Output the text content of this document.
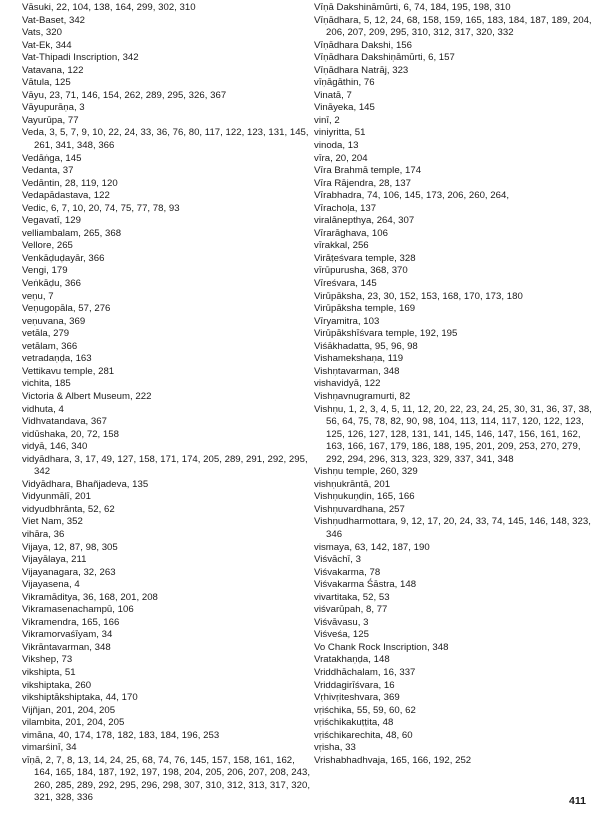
Vāsuki, 22, 104, 138, 164, 299, 302, 310
Vat-Baset, 342
Vats, 320
Vat-Ek, 344
Vat-Thipadi Inscription, 342
Vatavana, 122
Vātula, 125
Vāyu, 23, 71, 146, 154, 262, 289, 295, 326, 367
Vāyupurāṇa, 3
Vayurūpa, 77
Veda, 3, 5, 7, 9, 10, 22, 24, 33, 36, 76, 80, 117, 122, 123, 131, 145, 261, 341, 348, 366
Vedāṅga, 145
Vedanta, 37
Vedāntin, 28, 119, 120
Vedapādastava, 122
Vedic, 6, 7, 10, 20, 74, 75, 77, 78, 93
Vegavatī, 129
velliambalam, 265, 368
Vellore, 265
Venkāḍuḍayār, 366
Vengi, 179
Veṅkāḍu, 366
veṇu, 7
Veṇugopāla, 57, 276
veṇuvana, 369
vetāla, 279
vetālam, 366
vetradaṇḍa, 163
Vettikavu temple, 281
vichita, 185
Victoria & Albert Museum, 222
vidhuta, 4
Vidhvatandava, 367
vidūshaka, 20, 72, 158
vidyā, 146, 340
vidyādhara, 3, 17, 49, 127, 158, 171, 174, 205, 289, 291, 292, 295, 342
Vidyādhara, Bhañjadeva, 135
Vidyunmālī, 201
vidyudbhrānta, 52, 62
Viet Nam, 352
vihāra, 36
Vijaya, 12, 87, 98, 305
Vijayālaya, 211
Vijayanagara, 32, 263
Vijayasena, 4
Vikramāditya, 36, 168, 201, 208
Vikramasenachampū, 106
Vikramendra, 165, 166
Vikramorvaśīyam, 34
Vikrāntavarman, 348
Vikshep, 73
vikshipta, 51
vikshiptaka, 260
vikshiptākshiptaka, 44, 170
Vijñjan, 201, 204, 205
vilambita, 201, 204, 205
vimāna, 40, 174, 178, 182, 183, 184, 196, 253
vimarśinī, 34
vīṇā, 2, 7, 8, 13, 14, 24, 25, 68, 74, 76, 145, 157, 158, 161, 162, 164, 165, 184, 187, 192, 197, 198, 204, 205, 206, 207, 208, 243, 260, 285, 289, 292, 295, 296, 298, 307, 310, 312, 313, 317, 320, 321, 328, 336
Vīṇā Dakshināmūrti, 6, 74, 184, 195, 198, 310
Vīṇādhara, 5, 12, 24, 68, 158, 159, 165, 183, 184, 187, 189, 204, 206, 207, 209, 295, 310, 312, 317, 320, 332
Vīṇādhara Dakshi, 156
Vīṇādhara Dakshiṇāmūrti, 6, 157
Vīṇādhara Natrāj, 323
vīṇāgāthin, 76
Vinatā, 7
Vināyeka, 145
vinī, 2
viniyritta, 51
vinoda, 13
vīra, 20, 204
Vīra Brahmā temple, 174
Vīra Rājendra, 28, 137
Vīrabhadra, 74, 106, 145, 173, 206, 260, 264,
Vīrachoḷa, 137
viralānepthya, 264, 307
Vīrarāghava, 106
vīrakkal, 256
Virāṭeśvara temple, 328
vīrūpurusha, 368, 370
Vīreśvara, 145
Virūpāksha, 23, 30, 152, 153, 168, 170, 173, 180
Virūpāksha temple, 169
Vīryamitra, 103
Virūpākshīśvara temple, 192, 195
Viśākhadatta, 95, 96, 98
Vishamekshaṇa, 119
Vishṇtavarman, 348
vishavidyā, 122
Vishṇavnugramurti, 82
Vishṇu, 1, 2, 3, 4, 5, 11, 12, 20, 22, 23, 24, 25, 30, 31, 36, 37, 38, 56, 64, 75, 78, 82, 90, 98, 104, 113, 114, 117, 120, 122, 123, 125, 126, 127, 128, 131, 141, 145, 146, 147, 156, 161, 162, 163, 166, 167, 179, 186, 188, 195, 201, 209, 253, 270, 279, 292, 294, 296, 313, 323, 329, 337, 341, 348
Vishṇu temple, 260, 329
vishṇukrāntā, 201
Vishṇukuṇḍin, 165, 166
Vishṇuvardhana, 257
Vishṇudharmottara, 9, 12, 17, 20, 24, 33, 74, 145, 146, 148, 323, 346
vismaya, 63, 142, 187, 190
Viśvāchī, 3
Viśvakarma, 78
Viśvakarma Śāstra, 148
vivartitaka, 52, 53
viśvarūpah, 8, 77
Viśvāvasu, 3
Viśveśa, 125
Vo Chank Rock Inscription, 348
Vratakhaṇḍa, 148
Vriddhāchalam, 16, 337
Vriddagirīśvara, 16
Vṛhivṛiteshvara, 369
vṛiśchika, 55, 59, 60, 62
vṛiśchikakuṭṭita, 48
vṛiśchikarechita, 48, 60
vṛisha, 33
Vrishabhadhvaja, 165, 166, 192, 252
411
